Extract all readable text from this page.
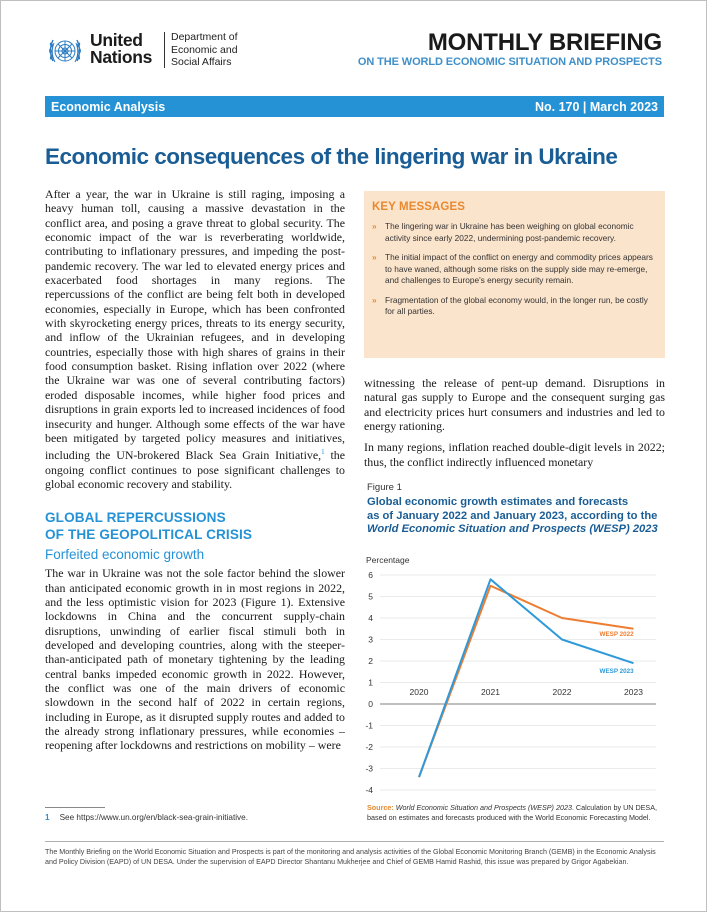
United
Nations
Department of
Economic and
Social Affairs
MONTHLY BRIEFING
ON THE WORLD ECONOMIC SITUATION AND PROSPECTS
Economic Analysis	No. 170 | March 2023
Economic consequences of the lingering war in Ukraine

After a year, the war in Ukraine is still raging, imposing a heavy human toll, causing a massive devastation in the conflict area, and posing a grave threat to global security. The economic impact of the war is reverberating worldwide, contributing to inflationary pressures, and impeding the post-pandemic recovery. The war led to elevated energy prices and exacerbated food shortages in many regions. The repercussions of the conflict are being felt both in developed economies, especially in Europe, which has been confronted with skyrocketing energy prices, threats to its energy security, and inflow of the Ukrainian refugees, and in developing countries, especially those with high shares of grains in their food consumption basket. Rising inflation over 2022 (where the Ukraine war was one of several contributing factors) eroded disposable incomes, while higher food prices and disruptions in grain exports led to increased incidences of food insecurity and hunger. Although some effects of the war have been mitigated by targeted policy measures and initiatives, including the UN-brokered Black Sea Grain Initiative,$^1$ the ongoing conflict continues to pose significant challenges to global economic recovery and stability.

GLOBAL REPERCUSSIONS
OF THE GEOPOLITICAL CRISIS
Forfeited economic growth

The war in Ukraine was not the sole factor behind the slower than anticipated economic growth in in most regions in 2022, and the less optimistic vision for 2023 (Figure 1). Extensive lockdowns in China and the concurrent supply-chain disruptions, unwinding of earlier fiscal stimuli both in developed and developing countries, along with the steeper-than-anticipated path of monetary tightening by the leading central banks impeded economic growth in 2022. However, the conflict was one of the main drivers of economic slowdown in the second half of 2022 in certain regions, including in Europe, as it disrupted supply routes and added to the already strong inflationary pressures, while economies – reopening after lockdowns and restrictions on mobility – were

1 See https://www.un.org/en/black-sea-grain-initiative.
KEY MESSAGES
»	The lingering war in Ukraine has been weighing on global economic activity since early 2022, undermining post-pandemic recovery.
»	The initial impact of the conflict on energy and commodity prices appears to have waned, although some risks on the supply side may re-emerge, and challenges to Europe's energy security remain.
»	Fragmentation of the global economy would, in the longer run, be costly for all parties.

witnessing the release of pent-up demand. Disruptions in natural gas supply to Europe and the consequent surging gas and electricity prices hurt consumers and industries and led to energy rationing.

In many regions, inflation reached double-digit levels in 2022; thus, the conflict indirectly influenced monetary

Figure 1
Global economic growth estimates and forecasts
as of January 2022 and January 2023, according to the
World Economic Situation and Prospects (WESP) 2023
Percentage
-4
-3
-2
-1
0
1
2
3
4
5
6
2020	2021	2022	2023
WESP 2022
WESP 2023
Source: World Economic Situation and Prospects (WESP) 2023. Calculation by UN DESA, based on estimates and forecasts produced with the World Economic Forecasting Model.
The Monthly Briefing on the World Economic Situation and Prospects is part of the monitoring and analysis activities of the Global Economic Monitoring Branch (GEMB) in the Economic Analysis and Policy Division (EAPD) of UN DESA. Under the supervision of EAPD Director Shantanu Mukherjee and Chief of GEMB Hamid Rashid, this issue was prepared by Grigor Agabekian.
